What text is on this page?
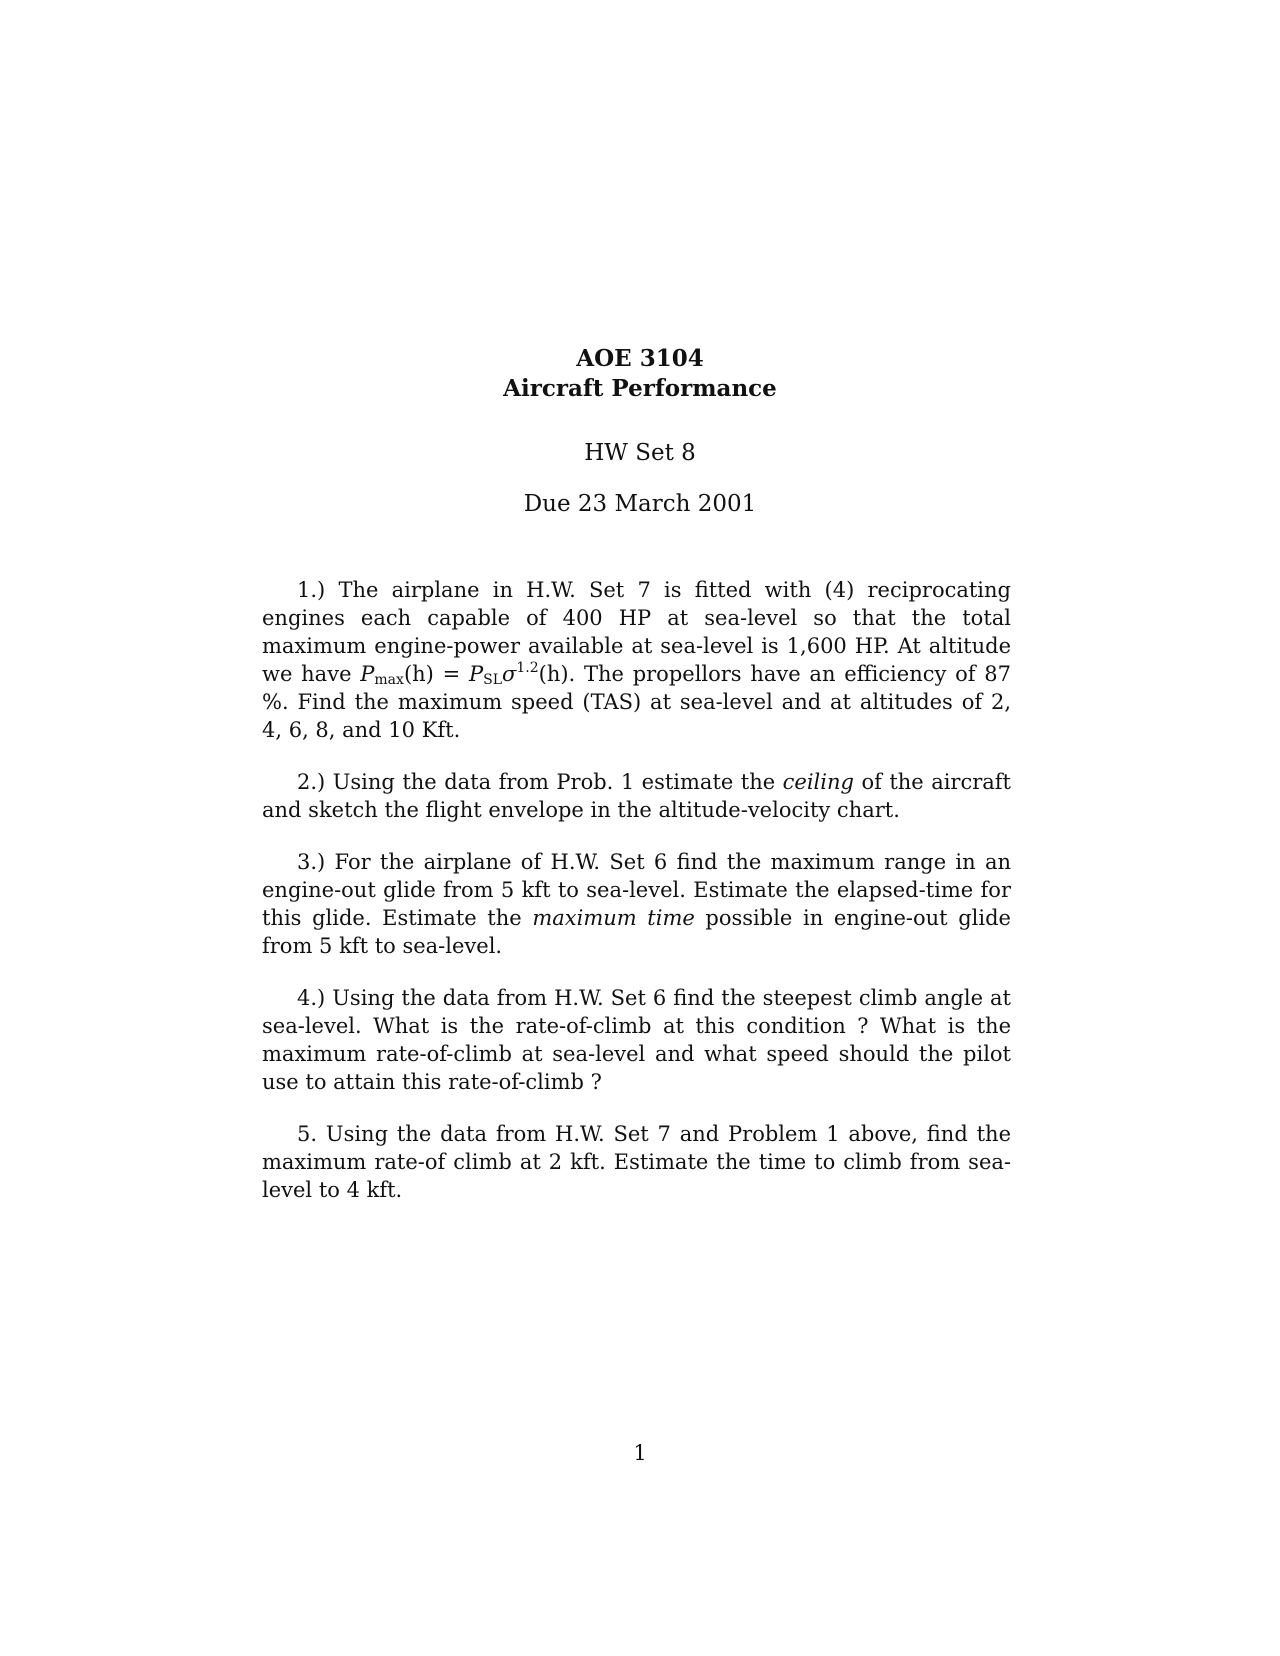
AOE 3104

Aircraft Performance

HW Set 8
Due 23 March 2001

1.) The airplane in H.W. Set 7 is fitted with (4) reciprocating engines each capable of 400 HP at sea-level so that the total maximum engine-power available at sea-level is 1,600 HP. At altitude we have $P_{max}(h) = P_{SL}\sigma^{1.2}(h)$. The propellors have an efficiency of 87 %. Find the maximum speed (TAS) at sea-level and at altitudes of 2, 4, 6, 8, and 10 Kft.

2.) Using the data from Prob. 1 estimate the ceiling of the aircraft and sketch the flight envelope in the altitude-velocity chart.

3.) For the airplane of H.W. Set 6 find the maximum range in an engine-out glide from 5 kft to sea-level. Estimate the elapsed-time for this glide. Estimate the maximum time possible in engine-out glide from 5 kft to sea-level.

4.) Using the data from H.W. Set 6 find the steepest climb angle at sea-level. What is the rate-of-climb at this condition ? What is the maximum rate-of-climb at sea-level and what speed should the pilot use to attain this rate-of-climb ?

5. Using the data from H.W. Set 7 and Problem 1 above, find the maximum rate-of climb at 2 kft. Estimate the time to climb from sea-level to 4 kft.

1
